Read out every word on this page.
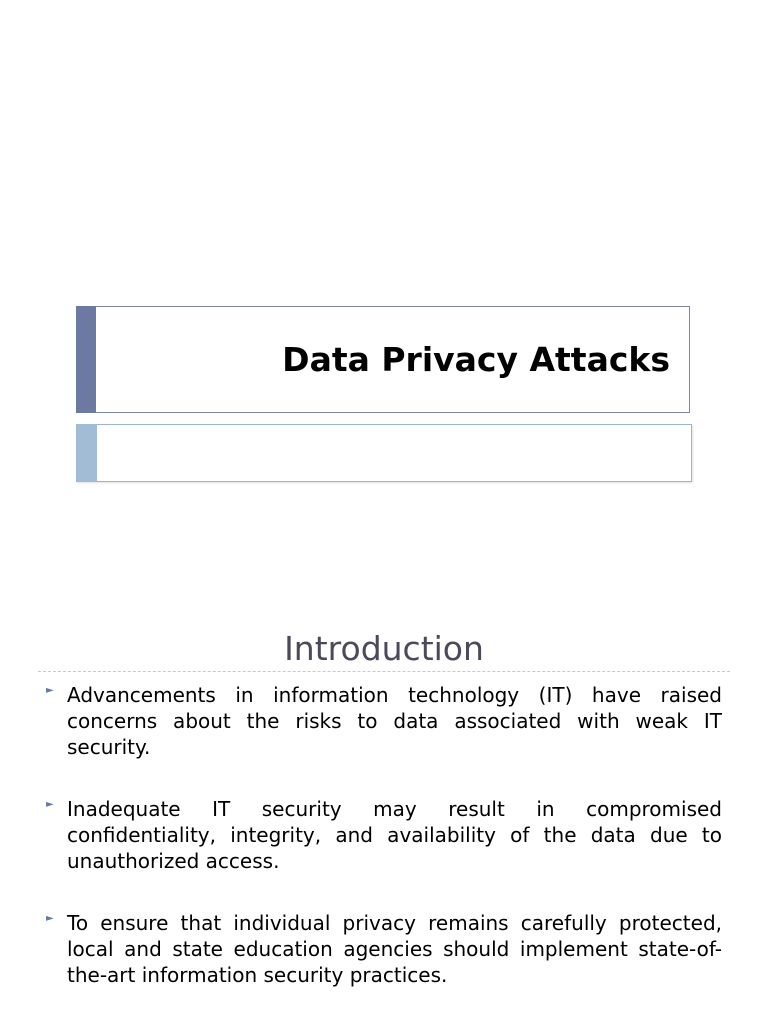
Data Privacy Attacks
Introduction
► Advancements in information technology (IT) have raised concerns about the risks to data associated with weak IT security.
► Inadequate IT security may result in compromised confidentiality, integrity, and availability of the data due to unauthorized access.
► To ensure that individual privacy remains carefully protected, local and state education agencies should implement state-of-the-art information security practices.
